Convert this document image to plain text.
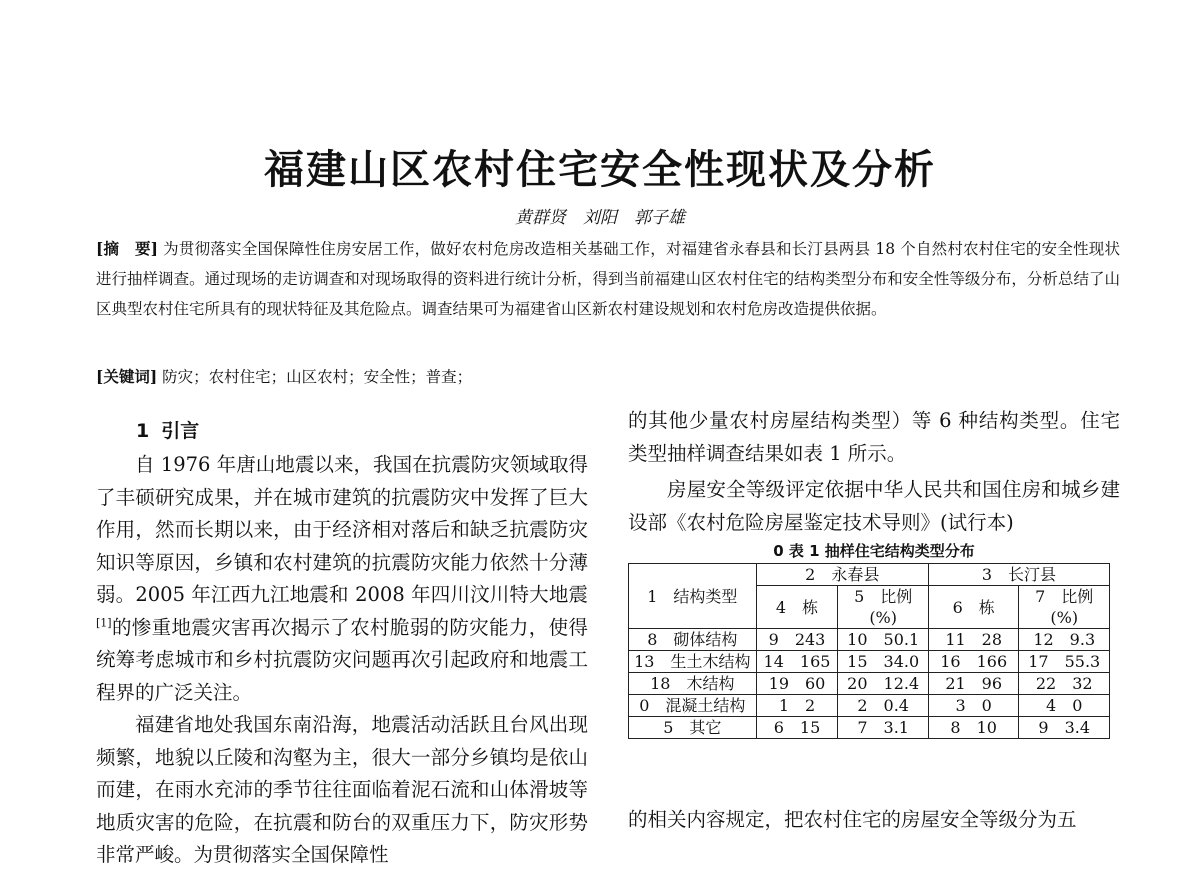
福建山区农村住宅安全性现状及分析
黄群贤　刘阳　郭子雄
[摘　要] 为贯彻落实全国保障性住房安居工作，做好农村危房改造相关基础工作，对福建省永春县和长汀县两县 18 个自然村农村住宅的安全性现状进行抽样调查。通过现场的走访调查和对现场取得的资料进行统计分析，得到当前福建山区农村住宅的结构类型分布和安全性等级分布，分析总结了山区典型农村住宅所具有的现状特征及其危险点。调查结果可为福建省山区新农村建设规划和农村危房改造提供依据。
[关键词] 防灾；农村住宅；山区农村；安全性；普查；
1 引言

自 1976 年唐山地震以来，我国在抗震防灾领域取得了丰硕研究成果，并在城市建筑的抗震防灾中发挥了巨大作用，然而长期以来，由于经济相对落后和缺乏抗震防灾知识等原因，乡镇和农村建筑的抗震防灾能力依然十分薄弱。2005 年江西九江地震和 2008 年四川汶川特大地震[1]的惨重地震灾害再次揭示了农村脆弱的防灾能力，使得统筹考虑城市和乡村抗震防灾问题再次引起政府和地震工程界的广泛关注。

福建省地处我国东南沿海，地震活动活跃且台风出现频繁，地貌以丘陵和沟壑为主，很大一部分乡镇均是依山而建，在雨水充沛的季节往往面临着泥石流和山体滑坡等地质灾害的危险，在抗震和防台的双重压力下，防灾形势非常严峻。为贯彻落实全国保障性

的其他少量农村房屋结构类型）等 6 种结构类型。住宅类型抽样调查结果如表 1 所示。

房屋安全等级评定依据中华人民共和国住房和城乡建设部《农村危险房屋鉴定技术导则》(试行本)

0 表 1 抽样住宅结构类型分布
1　结构类型	2　永春县		3　长汀县	
	4　栋	5　比例(%)	6　栋	7　比例(%)
8　砌体结构	9　243	10　50.1	11　28	12　9.3
13　生土木结构	14　165	15　34.0	16　166	17　55.3
18　木结构	19　60	20　12.4	21　96	22　32
0　混凝土结构	1　2	2　0.4	3　0	4　0
5　其它	6　15	7　3.1	8　10	9　3.4
的相关内容规定，把农村住宅的房屋安全等级分为五
